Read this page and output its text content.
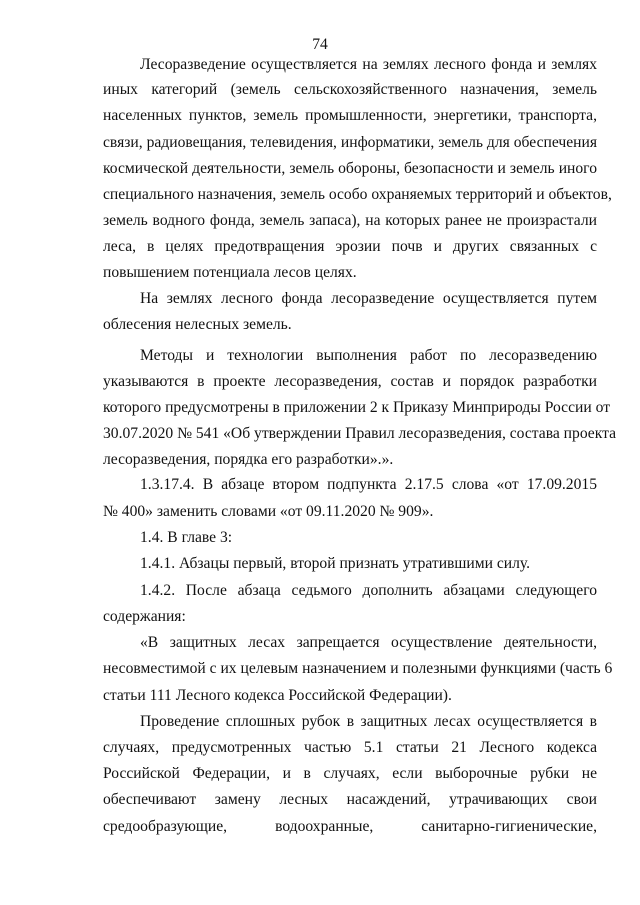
74
Лесоразведение осуществляется на землях лесного фонда и землях
иных категорий (земель сельскохозяйственного назначения, земель
населенных пунктов, земель промышленности, энергетики, транспорта,
связи, радиовещания, телевидения, информатики, земель для обеспечения
космической деятельности, земель обороны, безопасности и земель иного
специального назначения, земель особо охраняемых территорий и объектов,
земель водного фонда, земель запаса), на которых ранее не произрастали
леса, в целях предотвращения эрозии почв и других связанных с
повышением потенциала лесов целях.
На землях лесного фонда лесоразведение осуществляется путем
облесения нелесных земель.
Методы и технологии выполнения работ по лесоразведению
указываются в проекте лесоразведения, состав и порядок разработки
которого предусмотрены в приложении 2 к Приказу Минприроды России от
30.07.2020 № 541 «Об утверждении Правил лесоразведения, состава проекта
лесоразведения, порядка его разработки».».
1.3.17.4. В абзаце втором подпункта 2.17.5 слова «от 17.09.2015
№ 400» заменить словами «от 09.11.2020 № 909».
1.4. В главе 3:
1.4.1. Абзацы первый, второй признать утратившими силу.
1.4.2. После абзаца седьмого дополнить абзацами следующего
содержания:
«В защитных лесах запрещается осуществление деятельности,
несовместимой с их целевым назначением и полезными функциями (часть 6
статьи 111 Лесного кодекса Российской Федерации).
Проведение сплошных рубок в защитных лесах осуществляется в
случаях, предусмотренных частью 5.1 статьи 21 Лесного кодекса
Российской Федерации, и в случаях, если выборочные рубки не
обеспечивают замену лесных насаждений, утрачивающих свои
средообразующие, водоохранные, санитарно-гигиенические,
